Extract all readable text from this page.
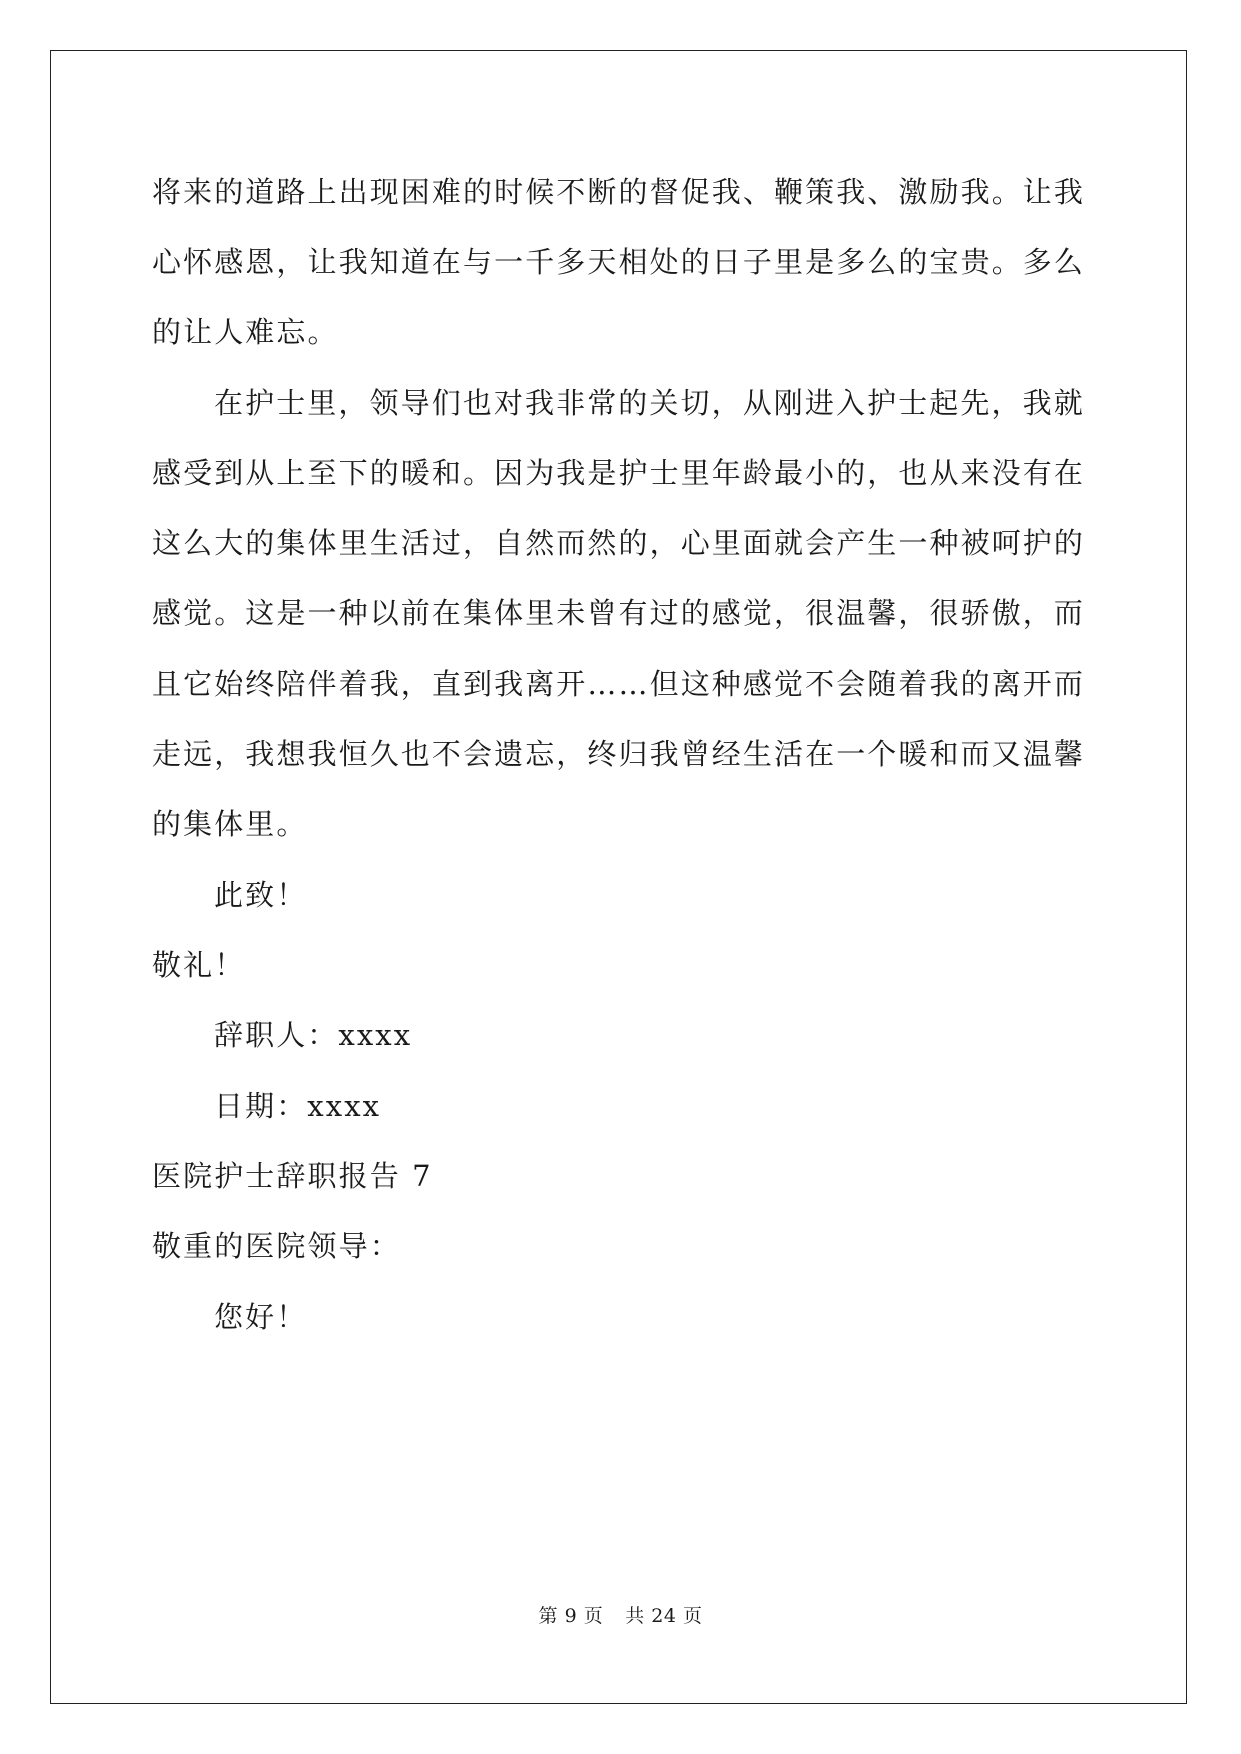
将来的道路上出现困难的时候不断的督促我、鞭策我、激励我。让我
心怀感恩，让我知道在与一千多天相处的日子里是多么的宝贵。多么
的让人难忘。
在护士里，领导们也对我非常的关切，从刚进入护士起先，我就
感受到从上至下的暖和。因为我是护士里年龄最小的，也从来没有在
这么大的集体里生活过，自然而然的，心里面就会产生一种被呵护的
感觉。这是一种以前在集体里未曾有过的感觉，很温馨，很骄傲，而
且它始终陪伴着我，直到我离开……但这种感觉不会随着我的离开而
走远，我想我恒久也不会遗忘，终归我曾经生活在一个暖和而又温馨
的集体里。
此致！
敬礼！
辞职人：xxxx
日期：xxxx
医院护士辞职报告 7
敬重的医院领导：
您好！
第 9 页 共 24 页
